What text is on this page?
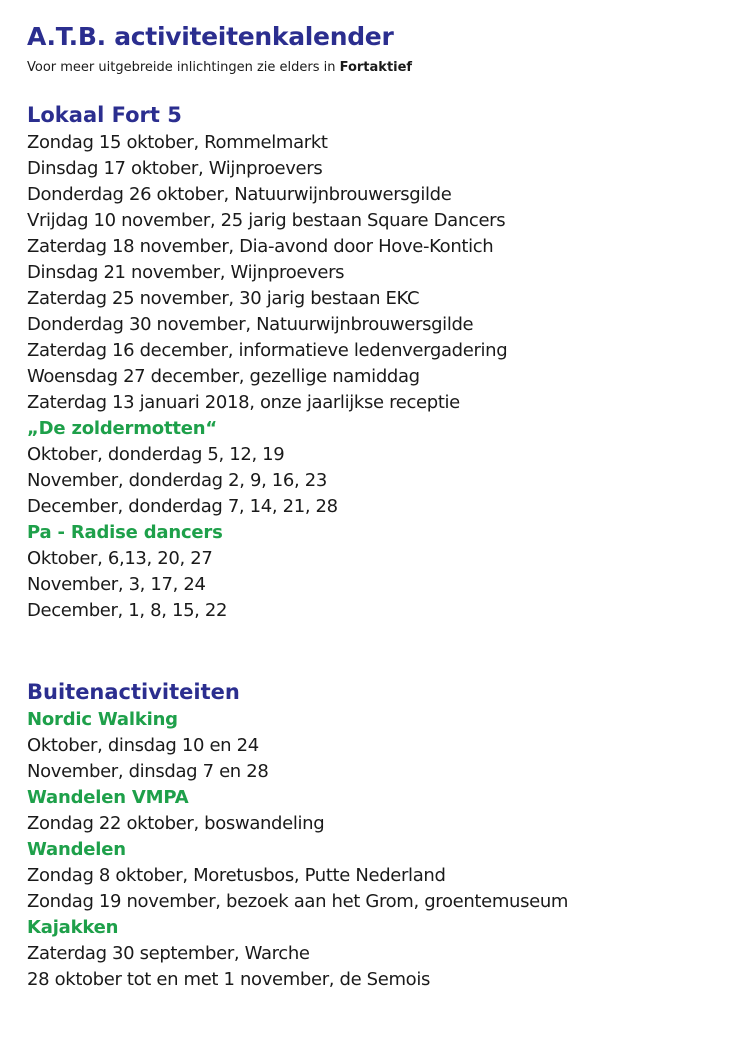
A.T.B. activiteitenkalender
Voor meer uitgebreide inlichtingen zie elders in Fortaktief
Lokaal Fort 5
Zondag 15 oktober, Rommelmarkt
Dinsdag 17 oktober, Wijnproevers
Donderdag 26 oktober, Natuurwijnbrouwersgilde
Vrijdag 10 november, 25 jarig bestaan Square Dancers
Zaterdag 18 november, Dia-avond door Hove-Kontich
Dinsdag 21 november, Wijnproevers
Zaterdag 25 november, 30 jarig bestaan EKC
Donderdag 30 november, Natuurwijnbrouwersgilde
Zaterdag 16 december, informatieve ledenvergadering
Woensdag 27 december, gezellige namiddag
Zaterdag 13 januari 2018, onze jaarlijkse receptie
„De zoldermotten“
Oktober, donderdag 5, 12, 19
November, donderdag 2, 9, 16, 23
December, donderdag 7, 14, 21, 28
Pa - Radise dancers
Oktober, 6,13, 20, 27
November, 3, 17, 24
December, 1, 8, 15, 22
Buitenactiviteiten
Nordic Walking
Oktober, dinsdag 10 en 24
November, dinsdag 7 en 28
Wandelen VMPA
Zondag 22 oktober, boswandeling
Wandelen
Zondag 8 oktober, Moretusbos, Putte Nederland
Zondag 19 november, bezoek aan het Grom, groentemuseum
Kajakken
Zaterdag 30 september, Warche
28 oktober tot en met 1 november, de Semois
